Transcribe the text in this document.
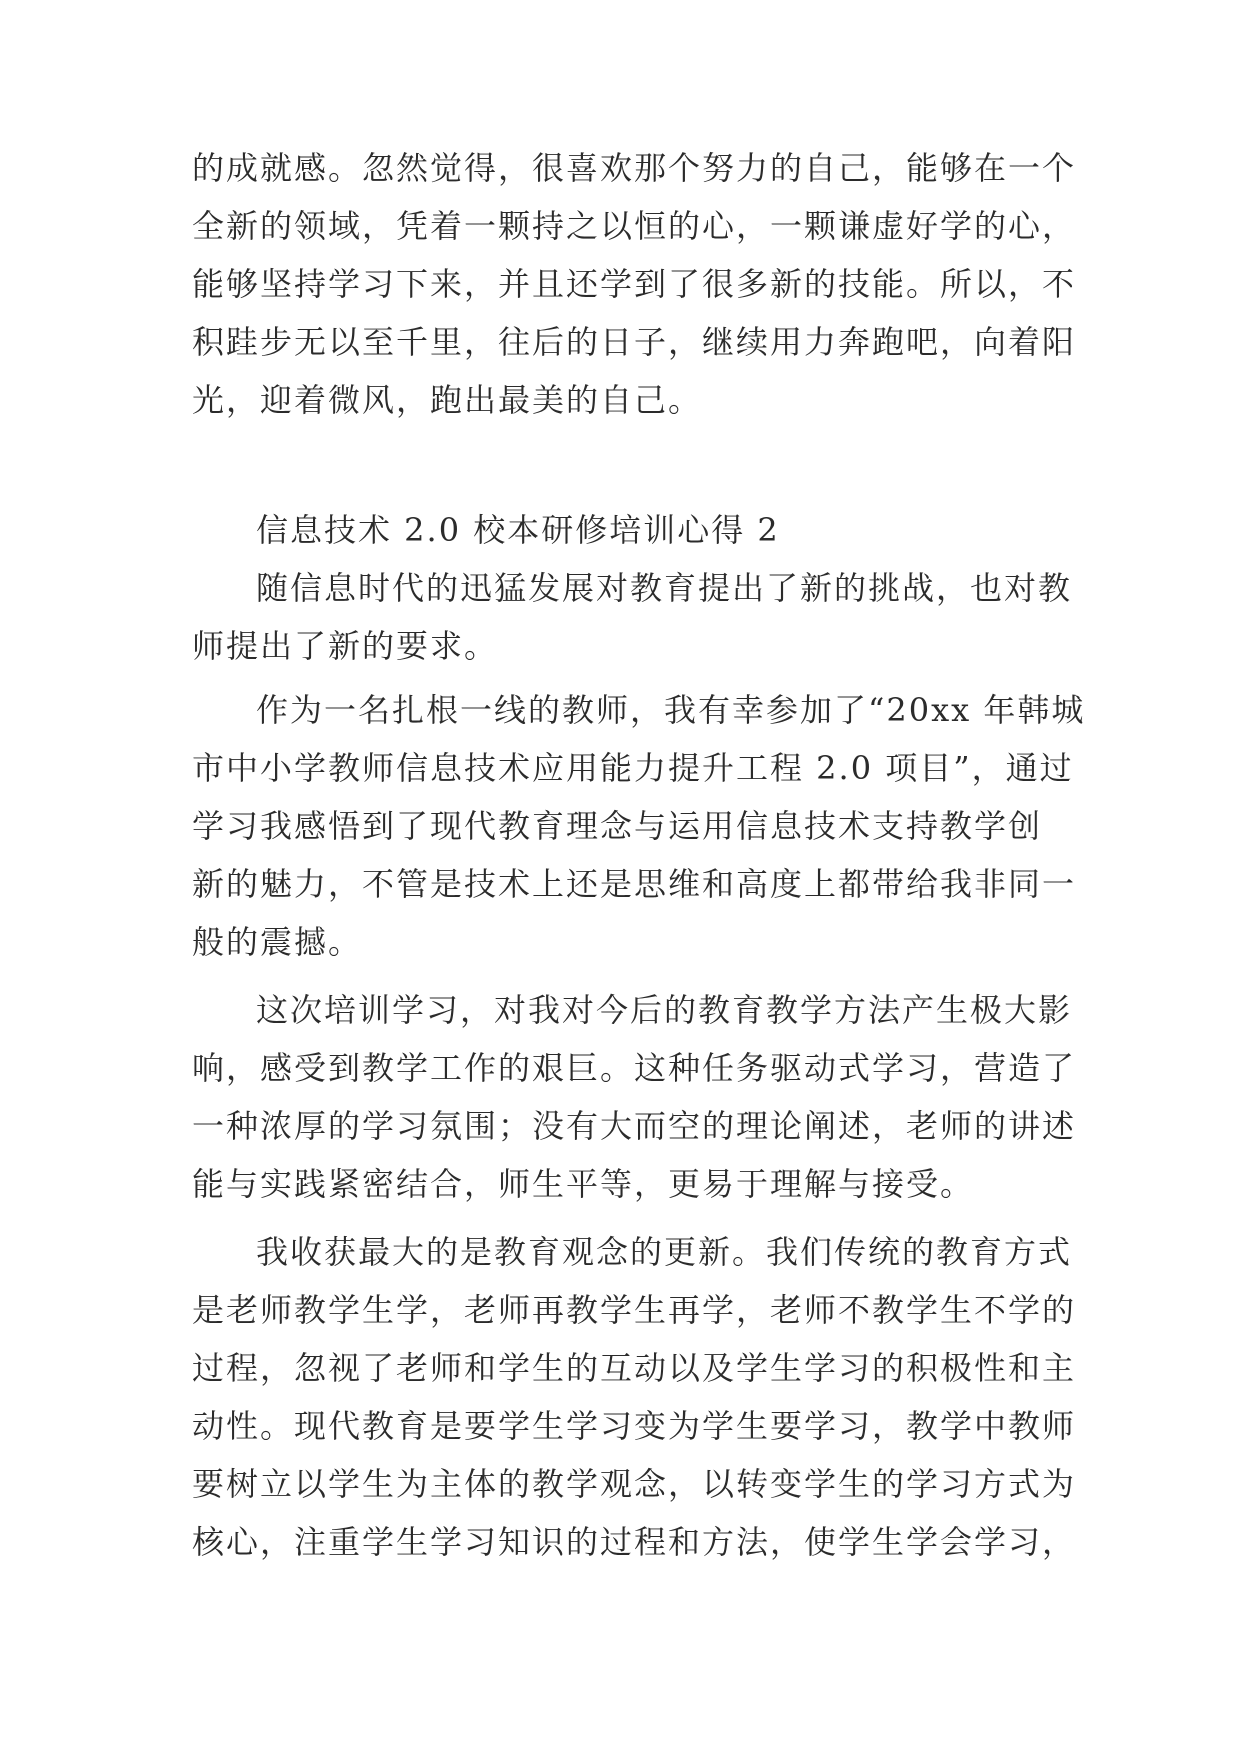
的成就感。忽然觉得，很喜欢那个努力的自己，能够在一个
全新的领域，凭着一颗持之以恒的心，一颗谦虚好学的心，
能够坚持学习下来，并且还学到了很多新的技能。所以，不
积跬步无以至千里，往后的日子，继续用力奔跑吧，向着阳
光，迎着微风，跑出最美的自己。
信息技术 2.0 校本研修培训心得 2
随信息时代的迅猛发展对教育提出了新的挑战，也对教
师提出了新的要求。
作为一名扎根一线的教师，我有幸参加了“20xx 年韩城
市中小学教师信息技术应用能力提升工程 2.0 项目”，通过
学习我感悟到了现代教育理念与运用信息技术支持教学创
新的魅力，不管是技术上还是思维和高度上都带给我非同一
般的震撼。
这次培训学习，对我对今后的教育教学方法产生极大影
响，感受到教学工作的艰巨。这种任务驱动式学习，营造了
一种浓厚的学习氛围；没有大而空的理论阐述，老师的讲述
能与实践紧密结合，师生平等，更易于理解与接受。
我收获最大的是教育观念的更新。我们传统的教育方式
是老师教学生学，老师再教学生再学，老师不教学生不学的
过程，忽视了老师和学生的互动以及学生学习的积极性和主
动性。现代教育是要学生学习变为学生要学习，教学中教师
要树立以学生为主体的教学观念，以转变学生的学习方式为
核心，注重学生学习知识的过程和方法，使学生学会学习，
